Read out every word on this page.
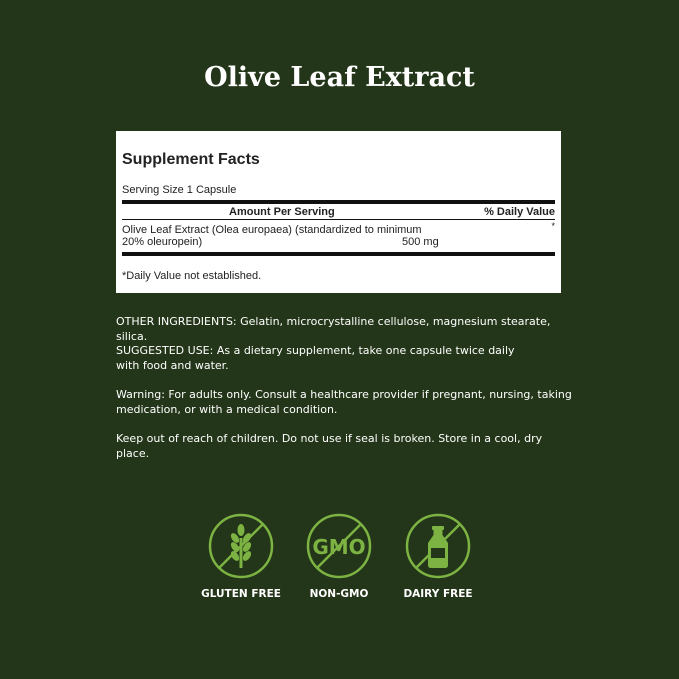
Olive Leaf Extract
Supplement Facts
Serving Size 1 Capsule
Amount Per Serving	% Daily Value
Olive Leaf Extract (Olea europaea) (standardized to minimum
20% oleuropein)	500 mg
*
*Daily Value not established.
OTHER INGREDIENTS: Gelatin, microcrystalline cellulose, magnesium stearate, silica.
SUGGESTED USE: As a dietary supplement, take one capsule twice daily
with food and water.
Warning: For adults only. Consult a healthcare provider if pregnant, nursing, taking
medication, or with a medical condition.
Keep out of reach of children. Do not use if seal is broken. Store in a cool, dry place.
GLUTEN FREE
GMO
NON-GMO	DAIRY FREE
